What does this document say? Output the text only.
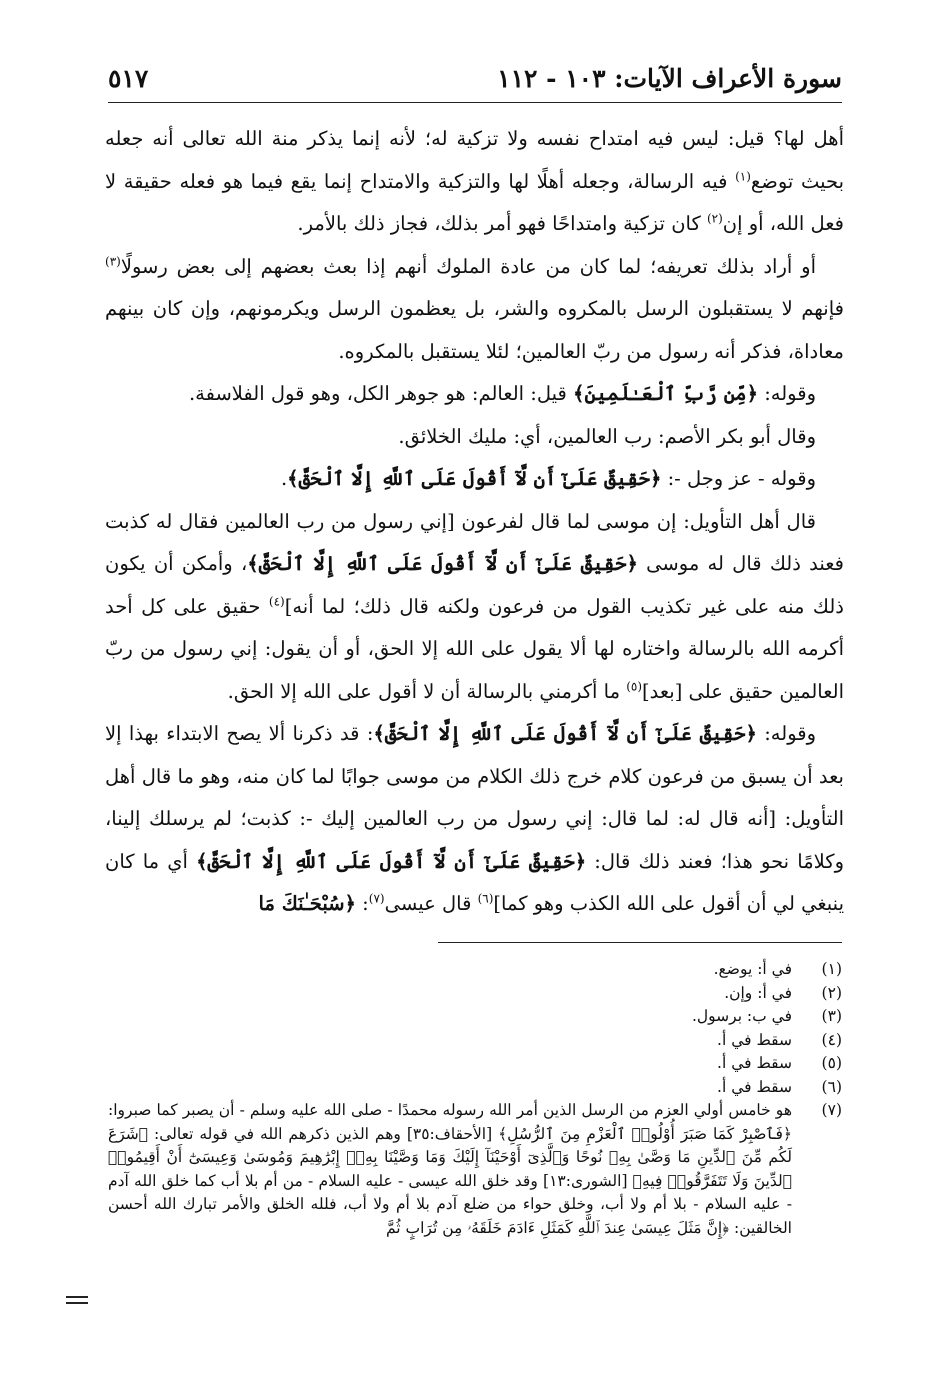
سورة الأعراف الآيات: ١٠٣ - ١١٢
٥١٧

أهل لها؟ قيل: ليس فيه امتداح نفسه ولا تزكية له؛ لأنه إنما يذكر منة الله تعالى أنه جعله بحيث توضع$^{(١)}$ فيه الرسالة، وجعله أهلًا لها والتزكية والامتداح إنما يقع فيما هو فعله حقيقة لا فعل الله، أو إن$^{(٢)}$ كان تزكية وامتداحًا فهو أمر بذلك، فجاز ذلك بالأمر.

أو أراد بذلك تعريفه؛ لما كان من عادة الملوك أنهم إذا بعث بعضهم إلى بعض رسولًا$^{(٣)}$ فإنهم لا يستقبلون الرسل بالمكروه والشر، بل يعظمون الرسل ويكرمونهم، وإن كان بينهم معاداة، فذكر أنه رسول من ربّ العالمين؛ لئلا يستقبل بالمكروه.

وقوله: ﴿مِّن رَّبِّ ٱلْعَـٰلَمِينَ﴾ قيل: العالم: هو جوهر الكل، وهو قول الفلاسفة.

وقال أبو بكر الأصم: رب العالمين، أي: مليك الخلائق.

وقوله - عز وجل -: ﴿حَقِيقٌ عَلَىٰٓ أَن لَّآ أَقُولَ عَلَى ٱللَّهِ إِلَّا ٱلْحَقَّ﴾.

قال أهل التأويل: إن موسى لما قال لفرعون [إني رسول من رب العالمين فقال له كذبت فعند ذلك قال له موسى ﴿حَقِيقٌ عَلَىٰٓ أَن لَّآ أَقُولَ عَلَى ٱللَّهِ إِلَّا ٱلْحَقَّ﴾، وأمكن أن يكون ذلك منه على غير تكذيب القول من فرعون ولكنه قال ذلك؛ لما أنه]$^{(٤)}$ حقيق على كل أحد أكرمه الله بالرسالة واختاره لها ألا يقول على الله إلا الحق، أو أن يقول: إني رسول من ربّ العالمين حقيق على [بعد]$^{(٥)}$ ما أكرمني بالرسالة أن لا أقول على الله إلا الحق.

وقوله: ﴿حَقِيقٌ عَلَىٰٓ أَن لَّآ أَقُولَ عَلَى ٱللَّهِ إِلَّا ٱلْحَقَّ﴾: قد ذكرنا ألا يصح الابتداء بهذا إلا بعد أن يسبق من فرعون كلام خرج ذلك الكلام من موسى جوابًا لما كان منه، وهو ما قال أهل التأويل: [أنه قال له: لما قال: إني رسول من رب العالمين إليك -: كذبت؛ لم يرسلك إلينا، وكلامًا نحو هذا؛ فعند ذلك قال: ﴿حَقِيقٌ عَلَىٰٓ أَن لَّآ أَقُولَ عَلَى ٱللَّهِ إِلَّا ٱلْحَقَّ﴾ أي ما كان ينبغي لي أن أقول على الله الكذب وهو كما]$^{(٦)}$ قال عيسى$^{(٧)}$: ﴿سُبْحَـٰنَكَ مَا

(١)
في أ: يوضع.
(٢)
في أ: وإن.
(٣)
في ب: برسول.
(٤)
سقط في أ.
(٥)
سقط في أ.
(٦)
سقط في أ.
(٧)
هو خامس أولي العزم من الرسل الذين أمر الله رسوله محمدًا - صلى الله عليه وسلم - أن يصبر كما صبروا: ﴿فَٱصْبِرْ كَمَا صَبَرَ أُوْلُوا۟ ٱلْعَزْمِ مِنَ ٱلرُّسُلِ﴾ [الأحقاف:٣٥] وهم الذين ذكرهم الله في قوله تعالى: ﴿شَرَعَ لَكُم مِّنَ ٱلدِّينِ مَا وَصَّىٰ بِهِۦ نُوحًا وَٱلَّذِىٓ أَوْحَيْنَآ إِلَيْكَ وَمَا وَصَّيْنَا بِهِۦٓ إِبْرَٰهِيمَ وَمُوسَىٰ وَعِيسَىٰٓ أَنْ أَقِيمُوا۟ ٱلدِّينَ وَلَا تَتَفَرَّقُوا۟ فِيهِ﴾ [الشورى:١٣] وقد خلق الله عيسى - عليه السلام - من أم بلا أب كما خلق الله آدم - عليه السلام - بلا أم ولا أب، وخلق حواء من ضلع آدم بلا أم ولا أب، فلله الخلق والأمر تبارك الله أحسن الخالقين: ﴿إِنَّ مَثَلَ عِيسَىٰ عِندَ ٱللَّهِ كَمَثَلِ ءَادَمَ خَلَقَهُۥ مِن تُرَابٍ ثُمَّ
